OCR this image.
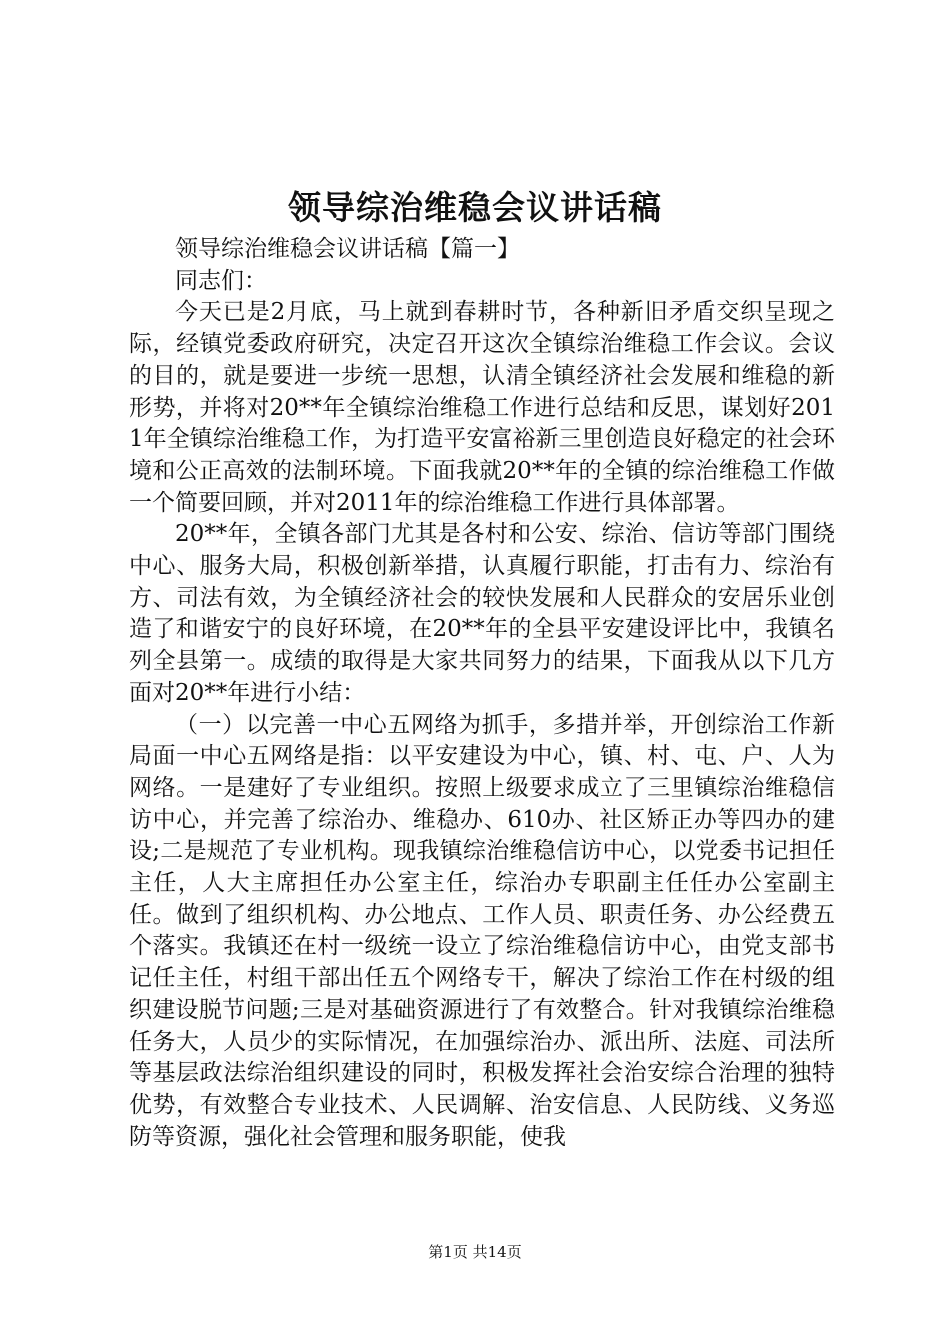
领导综治维稳会议讲话稿

领导综治维稳会议讲话稿【篇一】

同志们：

今天已是2月底，马上就到春耕时节，各种新旧矛盾交织呈现之际，经镇党委政府研究，决定召开这次全镇综治维稳工作会议。会议的目的，就是要进一步统一思想，认清全镇经济社会发展和维稳的新形势，并将对20**年全镇综治维稳工作进行总结和反思，谋划好2011年全镇综治维稳工作，为打造平安富裕新三里创造良好稳定的社会环境和公正高效的法制环境。下面我就20**年的全镇的综治维稳工作做一个简要回顾，并对2011年的综治维稳工作进行具体部署。

20**年，全镇各部门尤其是各村和公安、综治、信访等部门围绕中心、服务大局，积极创新举措，认真履行职能，打击有力、综治有方、司法有效，为全镇经济社会的较快发展和人民群众的安居乐业创造了和谐安宁的良好环境，在20**年的全县平安建设评比中，我镇名列全县第一。成绩的取得是大家共同努力的结果，下面我从以下几方面对20**年进行小结：

（一）以完善一中心五网络为抓手，多措并举，开创综治工作新局面一中心五网络是指：以平安建设为中心，镇、村、屯、户、人为网络。一是建好了专业组织。按照上级要求成立了三里镇综治维稳信访中心，并完善了综治办、维稳办、610办、社区矫正办等四办的建设;二是规范了专业机构。现我镇综治维稳信访中心，以党委书记担任主任，人大主席担任办公室主任，综治办专职副主任任办公室副主任。做到了组织机构、办公地点、工作人员、职责任务、办公经费五个落实。我镇还在村一级统一设立了综治维稳信访中心，由党支部书记任主任，村组干部出任五个网络专干，解决了综治工作在村级的组织建设脱节问题;三是对基础资源进行了有效整合。针对我镇综治维稳任务大，人员少的实际情况，在加强综治办、派出所、法庭、司法所等基层政法综治组织建设的同时，积极发挥社会治安综合治理的独特优势，有效整合专业技术、人民调解、治安信息、人民防线、义务巡防等资源，强化社会管理和服务职能，使我

第1页 共14页
